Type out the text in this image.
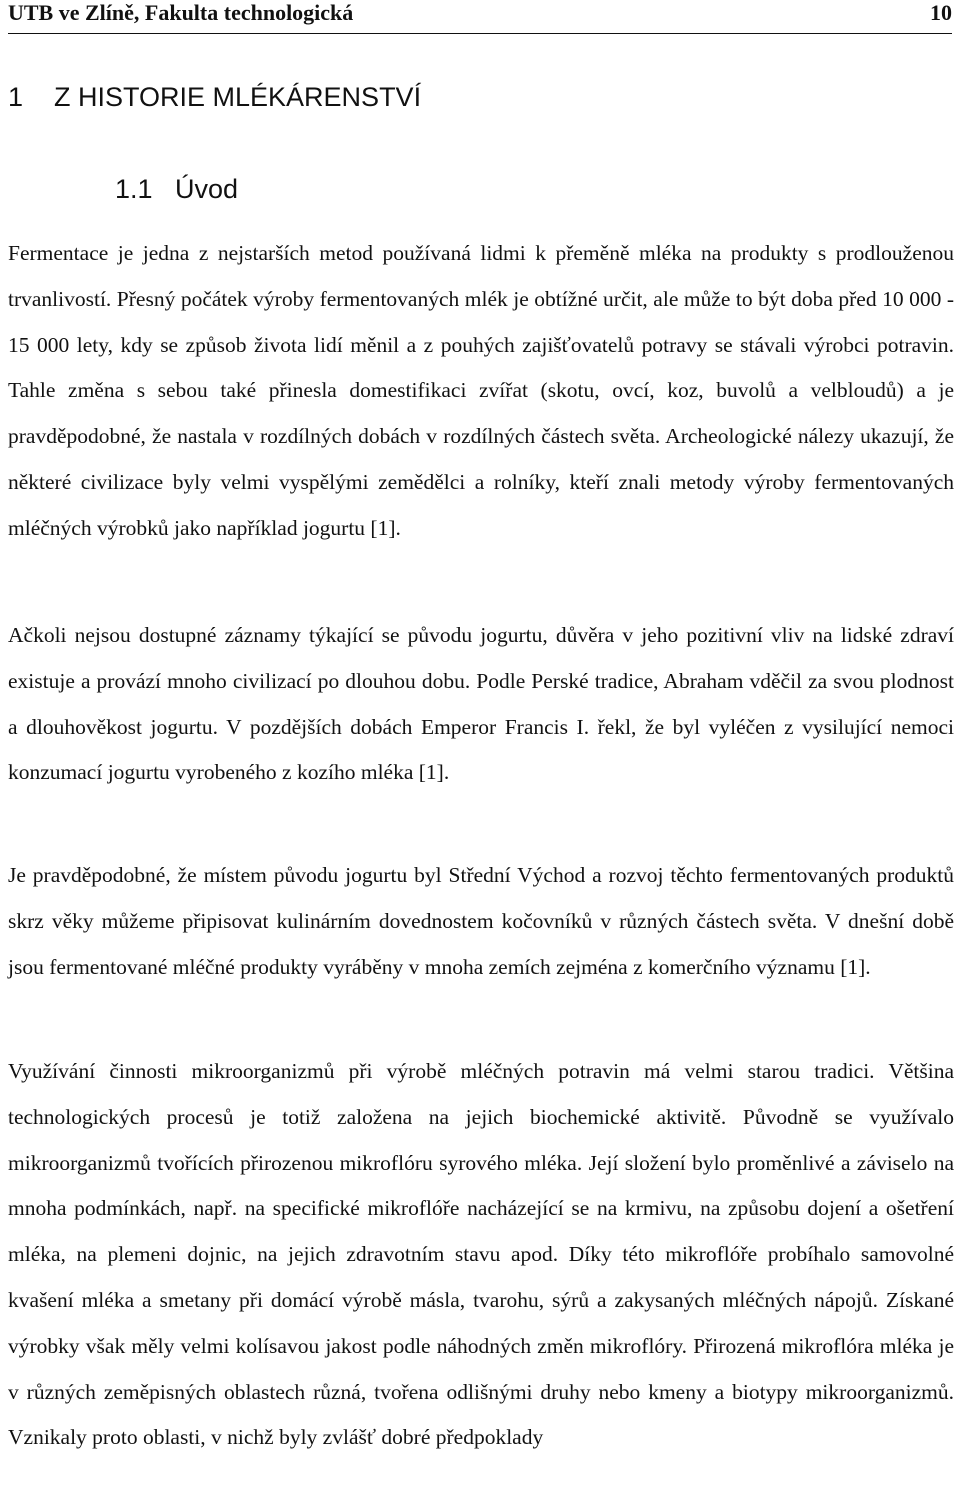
UTB ve Zlíně, Fakulta technologická	10
1 Z HISTORIE MLÉKÁRENSTVÍ
1.1 Úvod

Fermentace je jedna z nejstarších metod používaná lidmi k přeměně mléka na produkty s prodlouženou trvanlivostí. Přesný počátek výroby fermentovaných mlék je obtížné určit, ale může to být doba před 10 000 - 15 000 lety, kdy se způsob života lidí měnil a z pouhých zajišťovatelů potravy se stávali výrobci potravin. Tahle změna s sebou také přinesla domestifikaci zvířat (skotu, ovcí, koz, buvolů a velbloudů) a je pravděpodobné, že nastala v rozdílných dobách v rozdílných částech světa. Archeologické nálezy ukazují, že některé civilizace byly velmi vyspělými zemědělci a rolníky, kteří znali metody výroby fermentovaných mléčných výrobků jako například jogurtu [1].

Ačkoli nejsou dostupné záznamy týkající se původu jogurtu, důvěra v jeho pozitivní vliv na lidské zdraví existuje a provází mnoho civilizací po dlouhou dobu. Podle Perské tradice, Abraham vděčil za svou plodnost a dlouhověkost jogurtu. V pozdějších dobách Emperor Francis I. řekl, že byl vyléčen z vysilující nemoci konzumací jogurtu vyrobeného z kozího mléka [1].

Je pravděpodobné, že místem původu jogurtu byl Střední Východ a rozvoj těchto fermentovaných produktů skrz věky můžeme připisovat kulinárním dovednostem kočovníků v různých částech světa. V dnešní době jsou fermentované mléčné produkty vyráběny v mnoha zemích zejména z komerčního významu [1].

Využívání činnosti mikroorganizmů při výrobě mléčných potravin má velmi starou tradici. Většina technologických procesů je totiž založena na jejich biochemické aktivitě. Původně se využívalo mikroorganizmů tvořících přirozenou mikroflóru syrového mléka. Její složení bylo proměnlivé a záviselo na mnoha podmínkách, např. na specifické mikroflóře nacházející se na krmivu, na způsobu dojení a ošetření mléka, na plemeni dojnic, na jejich zdravotním stavu apod. Díky této mikroflóře probíhalo samovolné kvašení mléka a smetany při domácí výrobě másla, tvarohu, sýrů a zakysaných mléčných nápojů. Získané výrobky však měly velmi kolísavou jakost podle náhodných změn mikroflóry. Přirozená mikroflóra mléka je v různých zeměpisných oblastech různá, tvořena odlišnými druhy nebo kmeny a biotypy mikroorganizmů. Vznikaly proto oblasti, v nichž byly zvlášť dobré předpoklady
